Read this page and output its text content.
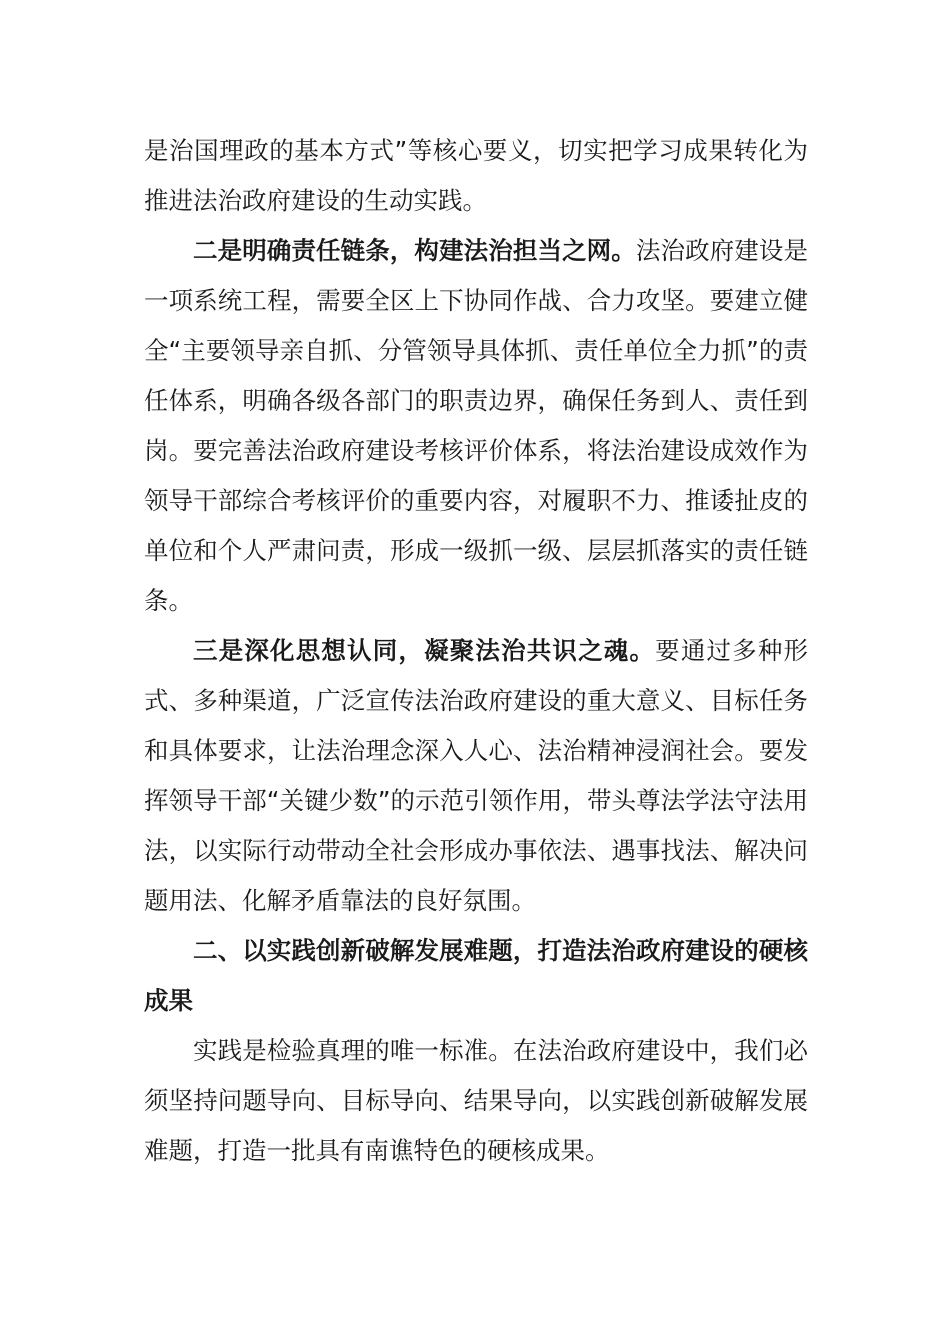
是治国理政的基本方式”等核心要义，切实把学习成果转化为推进法治政府建设的生动实践。

二是明确责任链条，构建法治担当之网。法治政府建设是一项系统工程，需要全区上下协同作战、合力攻坚。要建立健全“主要领导亲自抓、分管领导具体抓、责任单位全力抓”的责任体系，明确各级各部门的职责边界，确保任务到人、责任到岗。要完善法治政府建设考核评价体系，将法治建设成效作为领导干部综合考核评价的重要内容，对履职不力、推诿扯皮的单位和个人严肃问责，形成一级抓一级、层层抓落实的责任链条。

三是深化思想认同，凝聚法治共识之魂。要通过多种形式、多种渠道，广泛宣传法治政府建设的重大意义、目标任务和具体要求，让法治理念深入人心、法治精神浸润社会。要发挥领导干部“关键少数”的示范引领作用，带头尊法学法守法用法，以实际行动带动全社会形成办事依法、遇事找法、解决问题用法、化解矛盾靠法的良好氛围。

二、以实践创新破解发展难题，打造法治政府建设的硬核成果

实践是检验真理的唯一标准。在法治政府建设中，我们必须坚持问题导向、目标导向、结果导向，以实践创新破解发展难题，打造一批具有南谯特色的硬核成果。
